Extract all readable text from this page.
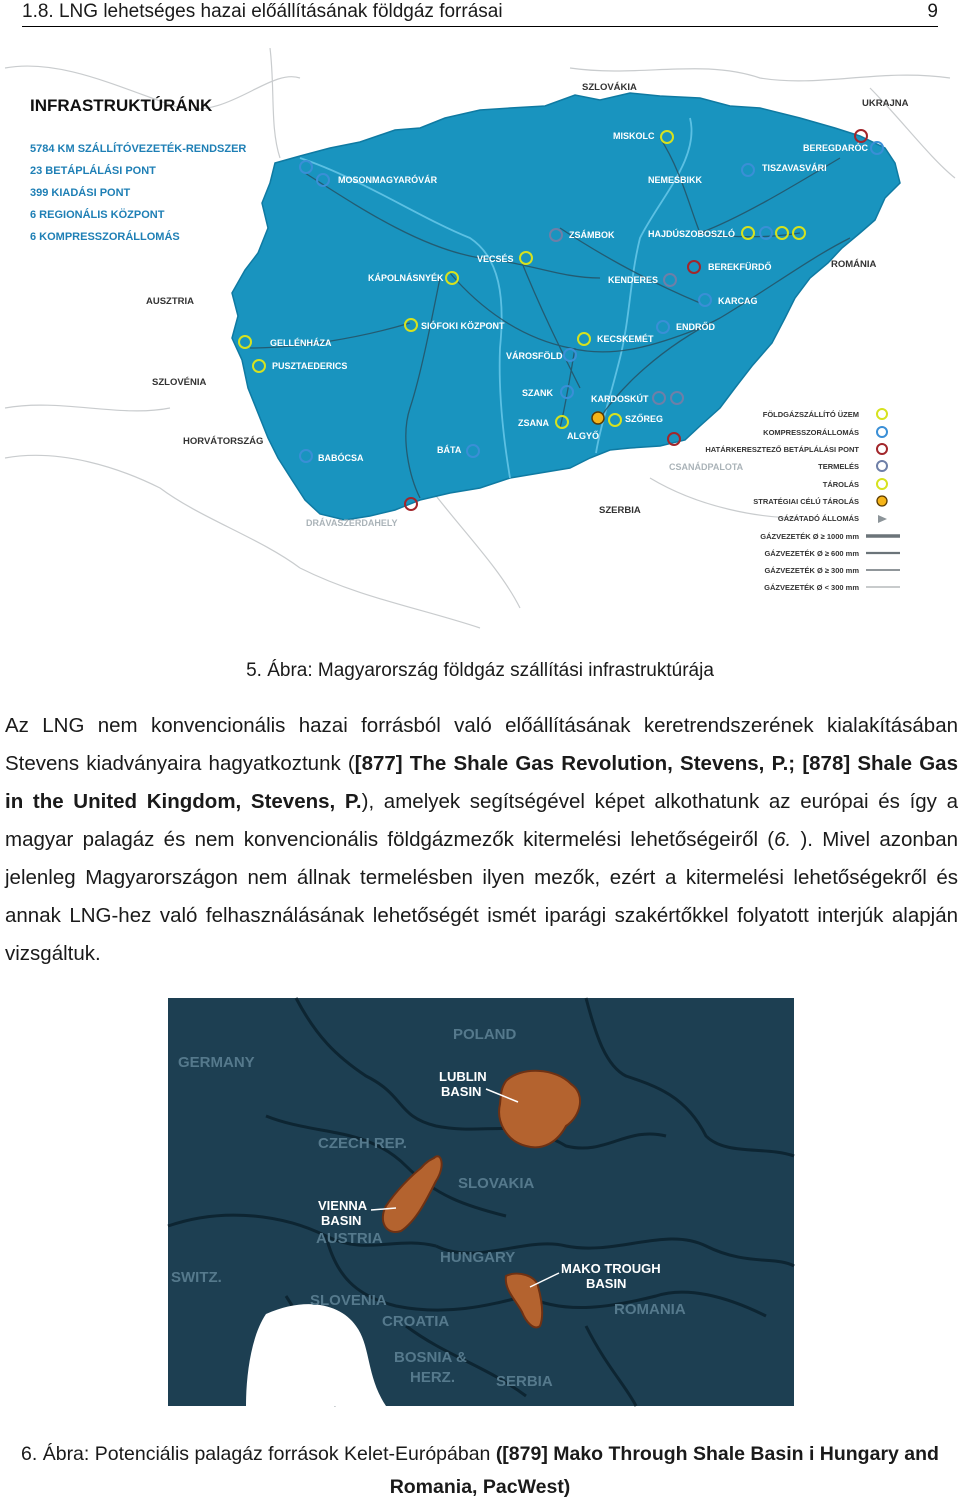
1.8. LNG lehetséges hazai előállításának földgáz forrásai	9
INFRASTRUKTÚRÁNK
5784 KM SZÁLLÍTÓVEZETÉK-RENDSZER
23 BETÁPLÁLÁSI PONT
399 KIADÁSI PONT
6 REGIONÁLIS KÖZPONT
6 KOMPRESSZORÁLLOMÁS
SZLOVÁKIA
UKRAJNA
AUSZTRIA
SZLOVÉNIA
HORVÁTORSZÁG
ROMÁNIA
SZERBIA
MOSONMAGYARÓVÁR
MISKOLC
BEREGDARÓC
TISZAVASVÁRI
NEMESBIKK
ZSÁMBOK	HAJDÚSZOBOSZLÓ
VECSÉS
KÁPOLNÁSNYÉK	KENDERES
BEREKFÜRDŐ
KARCAG
SIÓFOKI KÖZPONT	ENDRŐD
KECSKEMÉT
VÁROSFÖLD
GELLÉNHÁZA
PUSZTAEDERICS
SZANK
KARDOSKÚT
ZSANA	SZŐREG
ALGYŐ
BÁTA
BABÓCSA
CSANÁDPALOTA
DRÁVASZERDAHELY
FÖLDGÁZSZÁLLÍTÓ ÜZEM
KOMPRESSZORÁLLOMÁS
HATÁRKERESZTEZŐ BETÁPLÁLÁSI PONT
TERMELÉS
TÁROLÁS
STRATÉGIAI CÉLÚ TÁROLÁS
GÁZÁTADÓ ÁLLOMÁS
GÁZVEZETÉK Ø ≥ 1000 mm
GÁZVEZETÉK Ø ≥ 600 mm
GÁZVEZETÉK Ø ≥ 300 mm
GÁZVEZETÉK Ø < 300 mm
5. Ábra: Magyarország földgáz szállítási infrastruktúrája

Az LNG nem konvencionális hazai forrásból való előállításának keretrendszerének kialakításában Stevens kiadványaira hagyatkoztunk ([877] The Shale Gas Revolution, Stevens, P.; [878] Shale Gas in the United Kingdom, Stevens, P.), amelyek segítségével képet alkothatunk az európai és így a magyar palagáz és nem konvencionális földgázmezők kitermelési lehetőségeiről (6. ). Mivel azonban jelenleg Magyarországon nem állnak termelésben ilyen mezők, ezért a kitermelési lehetőségekről és annak LNG-hez való felhasználásának lehetőségét ismét iparági szakértőkkel folyatott interjúk alapján vizsgáltuk.

POLAND
GERMANY
CZECH REP.
SLOVAKIA
AUSTRIA
HUNGARY
ROMANIA
SWITZ.
SLOVENIA
CROATIA
BOSNIA &
HERZ.	SERBIA
LUBLIN
BASIN
VIENNA
BASIN
MAKO TROUGH
BASIN
6. Ábra: Potenciális palagáz források Kelet-Európában ([879] Mako Through Shale Basin i Hungary and Romania, PacWest)
